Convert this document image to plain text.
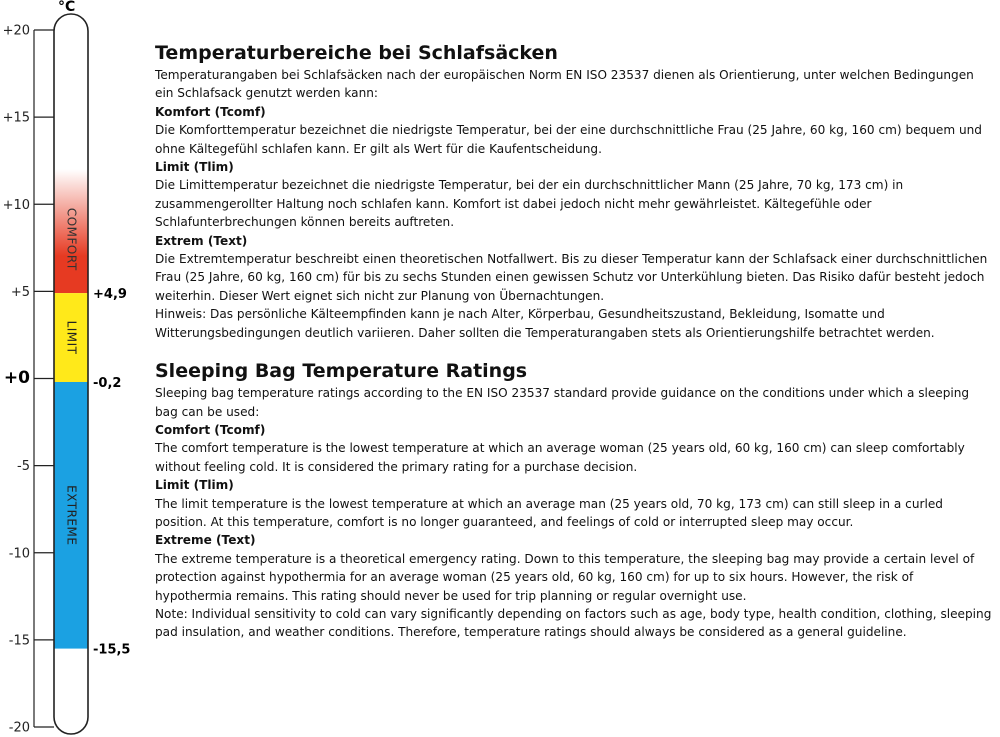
°C
+20
+15
+10
+5
+0
-5
-10
-15
-20
COMFORT
LIMIT
EXTREME
+4,9
-0,2
-15,5
Temperaturbereiche bei Schlafsäcken

Temperaturangaben bei Schlafsäcken nach der europäischen Norm EN ISO 23537 dienen als Orientierung, unter welchen Bedingungen ein Schlafsack genutzt werden kann:

Komfort (Tcomf)

Die Komforttemperatur bezeichnet die niedrigste Temperatur, bei der eine durchschnittliche Frau (25 Jahre, 60 kg, 160 cm) bequem und ohne Kältegefühl schlafen kann. Er gilt als Wert für die Kaufentscheidung.

Limit (Tlim)

Die Limittemperatur bezeichnet die niedrigste Temperatur, bei der ein durchschnittlicher Mann (25 Jahre, 70 kg, 173 cm) in zusammengerollter Haltung noch schlafen kann. Komfort ist dabei jedoch nicht mehr gewährleistet. Kältegefühle oder Schlafunterbrechungen können bereits auftreten.

Extrem (Text)

Die Extremtemperatur beschreibt einen theoretischen Notfallwert. Bis zu dieser Temperatur kann der Schlafsack einer durchschnittlichen Frau (25 Jahre, 60 kg, 160 cm) für bis zu sechs Stunden einen gewissen Schutz vor Unterkühlung bieten. Das Risiko dafür besteht jedoch weiterhin. Dieser Wert eignet sich nicht zur Planung von Übernachtungen.

Hinweis: Das persönliche Kälteempfinden kann je nach Alter, Körperbau, Gesundheitszustand, Bekleidung, Isomatte und Witterungsbedingungen deutlich variieren. Daher sollten die Temperaturangaben stets als Orientierungshilfe betrachtet werden.

Sleeping Bag Temperature Ratings

Sleeping bag temperature ratings according to the EN ISO 23537 standard provide guidance on the conditions under which a sleeping bag can be used:

Comfort (Tcomf)

The comfort temperature is the lowest temperature at which an average woman (25 years old, 60 kg, 160 cm) can sleep comfortably without feeling cold. It is considered the primary rating for a purchase decision.

Limit (Tlim)

The limit temperature is the lowest temperature at which an average man (25 years old, 70 kg, 173 cm) can still sleep in a curled position. At this temperature, comfort is no longer guaranteed, and feelings of cold or interrupted sleep may occur.

Extreme (Text)

The extreme temperature is a theoretical emergency rating. Down to this temperature, the sleeping bag may provide a certain level of protection against hypothermia for an average woman (25 years old, 60 kg, 160 cm) for up to six hours. However, the risk of hypothermia remains. This rating should never be used for trip planning or regular overnight use.

Note: Individual sensitivity to cold can vary significantly depending on factors such as age, body type, health condition, clothing, sleeping pad insulation, and weather conditions. Therefore, temperature ratings should always be considered as a general guideline.
